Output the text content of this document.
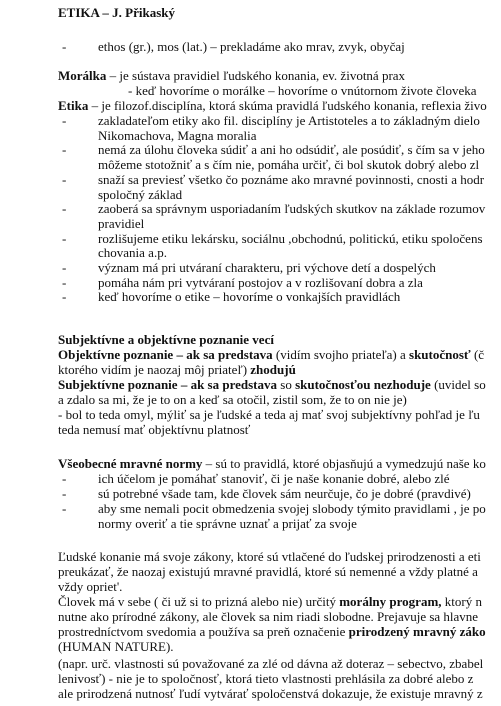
ETIKA – J. Přikaský
- ethos (gr.), mos (lat.) – prekladáme ako mrav, zvyk, obyčaj
Morálka – je sústava pravidiel ľudského konania, ev. životná prax
- keď hovoríme o morálke – hovoríme o vnútornom živote človeka
Etika – je filozof.disciplína, ktorá skúma pravidlá ľudského konania, reflexia živo
- zakladateľom etiky ako fil. disciplíny je Artistoteles a to základným dielo
Nikomachova, Magna moralia
- nemá za úlohu človeka súdiť a ani ho odsúdiť, ale posúdiť, s čím sa v jeho
môžeme stotožniť a s čím nie, pomáha určiť, či bol skutok dobrý alebo zl
- snaží sa previesť všetko čo poznáme ako mravné povinnosti, cnosti a hodr
spoločný základ
- zaoberá sa správnym usporiadaním ľudských skutkov na základe rozumov
pravidiel
- rozlišujeme etiku lekársku, sociálnu ,obchodnú, politickú, etiku spoločens
chovania a.p.
- význam má pri utváraní charakteru, pri výchove detí a dospelých
- pomáha nám pri vytváraní postojov a v rozlišovaní dobra a zla
- keď hovoríme o etike – hovoríme o vonkajších pravidlách
Subjektívne a objektívne poznanie vecí
Objektívne poznanie – ak sa predstava (vidím svojho priateľa) a skutočnosť (č
ktorého vidím je naozaj môj priateľ) zhodujú
Subjektívne poznanie – ak sa predstava so skutočnosťou nezhoduje (uvidel so
a zdalo sa mi, že je to on a keď sa otočil, zistil som, že to on nie je)
- bol to teda omyl, mýliť sa je ľudské a teda aj mať svoj subjektívny pohľad je ľu
teda nemusí mať objektívnu platnosť
Všeobecné mravné normy – sú to pravidlá, ktoré objasňujú a vymedzujú naše ko
- ich účelom je pomáhať stanoviť, či je naše konanie dobré, alebo zlé
- sú potrebné všade tam, kde človek sám neurčuje, čo je dobré (pravdivé)
- aby sme nemali pocit obmedzenia svojej slobody týmito pravidlami , je po
normy overiť a tie správne uznať a prijať za svoje
Ľudské konanie má svoje zákony, ktoré sú vtlačené do ľudskej prirodzenosti a eti
preukázať, že naozaj existujú mravné pravidlá, ktoré sú nemenné a vždy platné a
vždy opriet'.
Človek má v sebe ( či už si to prizná alebo nie) určitý morálny program, ktorý n
nutne ako prírodné zákony, ale človek sa nim riadi slobodne. Prejavuje sa hlavne
prostredníctvom svedomia a používa sa preň označenie prirodzený mravný záko
(HUMAN NATURE).
(napr. urč. vlastnosti sú považované za zlé od dávna až doteraz – sebectvo, zbabel
lenivosť) - nie je to spoločnosť, ktorá tieto vlastnosti prehlásila za dobré alebo z
ale prirodzená nutnosť ľudí vytvárať spoločenstvá dokazuje, že existuje mravný z
